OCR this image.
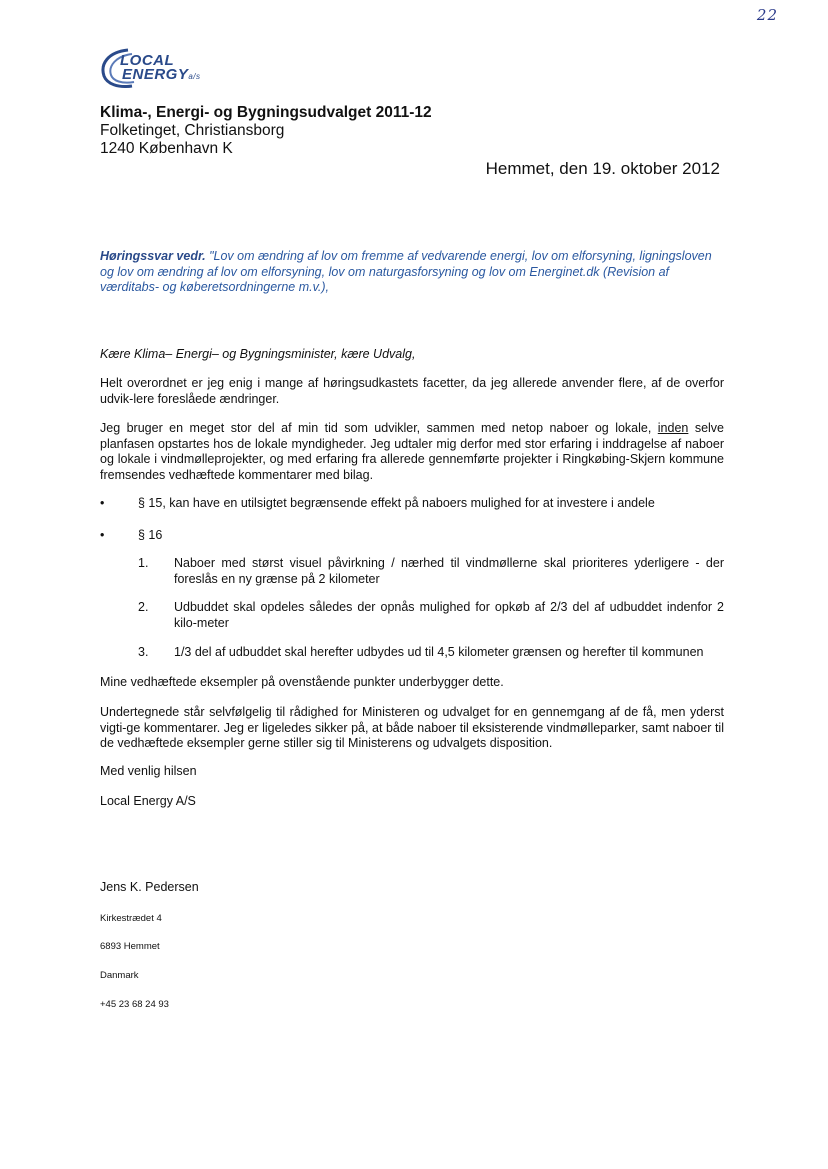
22
LOCAL
ENERGYa/s
Klima-, Energi- og Bygningsudvalget 2011-12
Folketinget, Christiansborg
1240 København K
Hemmet, den 19. oktober 2012
Høringssvar vedr. "Lov om ændring af lov om fremme af vedvarende energi, lov om elforsyning, ligningsloven og lov om ændring af lov om elforsyning, lov om naturgasforsyning og lov om Energinet.dk (Revision af værditabs- og køberetsordningerne m.v.),
Kære Klima– Energi– og Bygningsminister, kære Udvalg,
Helt overordnet er jeg enig i mange af høringsudkastets facetter, da jeg allerede anvender flere, af de overfor udvik-lere foreslåede ændringer.
Jeg bruger en meget stor del af min tid som udvikler, sammen med netop naboer og lokale, inden selve planfasen opstartes hos de lokale myndigheder. Jeg udtaler mig derfor med stor erfaring i inddragelse af naboer og lokale i vindmølleprojekter, og med erfaring fra allerede gennemførte projekter i Ringkøbing-Skjern kommune fremsendes vedhæftede kommentarer med bilag.
•	§ 15, kan have en utilsigtet begrænsende effekt på naboers mulighed for at investere i andele
•	§ 16
1. Naboer med størst visuel påvirkning / nærhed til vindmøllerne skal prioriteres yderligere - der foreslås en ny grænse på 2 kilometer
2. Udbuddet skal opdeles således der opnås mulighed for opkøb af 2/3 del af udbuddet indenfor 2 kilo-meter
3. 1/3 del af udbuddet skal herefter udbydes ud til 4,5 kilometer grænsen og herefter til kommunen
Mine vedhæftede eksempler på ovenstående punkter underbygger dette.
Undertegnede står selvfølgelig til rådighed for Ministeren og udvalget for en gennemgang af de få, men yderst vigti-ge kommentarer. Jeg er ligeledes sikker på, at både naboer til eksisterende vindmølleparker, samt naboer til de vedhæftede eksempler gerne stiller sig til Ministerens og udvalgets disposition.
Med venlig hilsen
Local Energy A/S
Jens K. Pedersen
Kirkestrædet 4
6893 Hemmet
Danmark
+45 23 68 24 93
